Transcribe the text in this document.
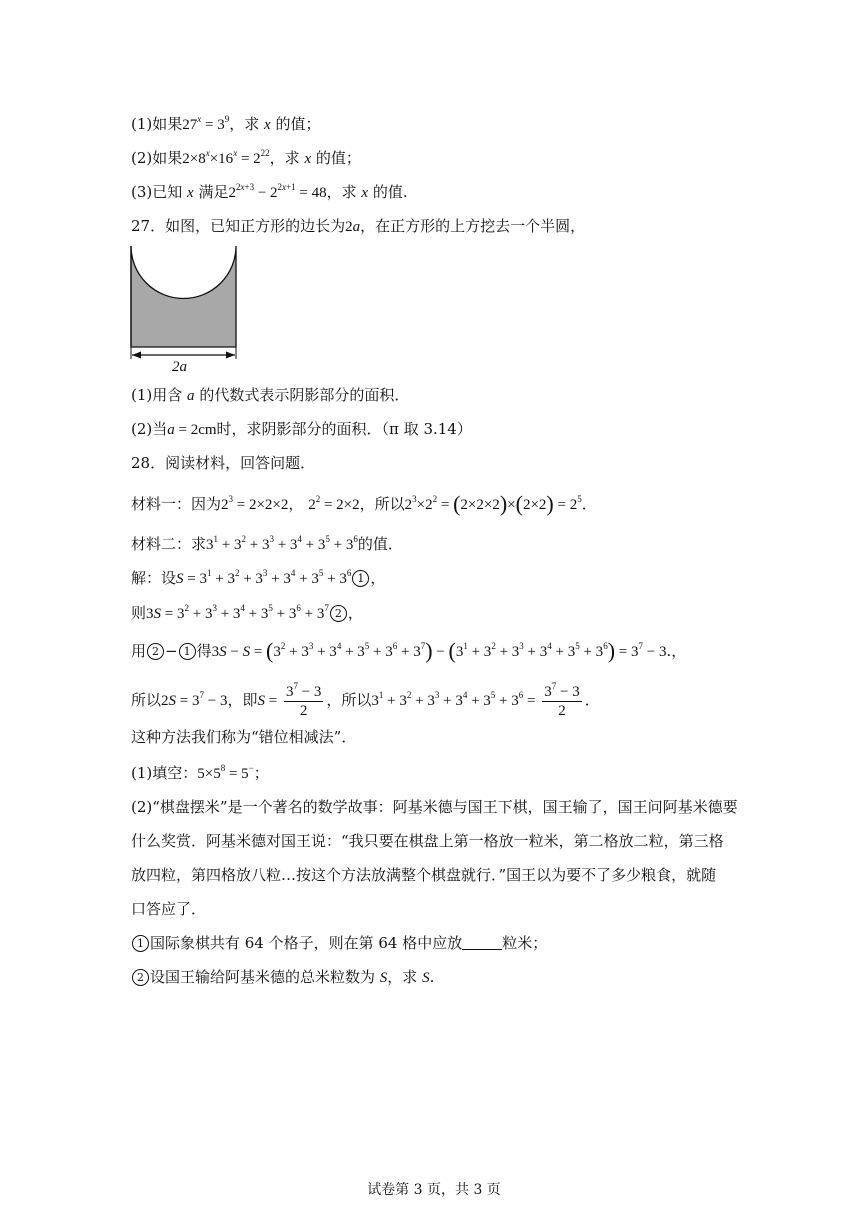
(1)如果$27^x = 3^9$，求 x 的值；
(2)如果$2\times 8^x\times 16^x = 2^{22}$，求 x 的值；
(3)已知 x 满足$2^{2x+3} - 2^{2x+1} = 48$，求 x 的值.
27．如图，已知正方形的边长为2a，在正方形的上方挖去一个半圆，
2a
(1)用含 a 的代数式表示阴影部分的面积．
(2)当a = 2cm时，求阴影部分的面积．（π 取 3.14）
28．阅读材料，回答问题．
材料一：因为$2^3 = 2\times 2\times 2$， $2^2 = 2\times 2$，所以$2^3\times 2^2 = (2\times 2\times 2)\times(2\times 2) = 2^5$．
材料二：求$3^1 + 3^2 + 3^3 + 3^4 + 3^5 + 3^6$的值．
解：设$S = 3^1 + 3^2 + 3^3 + 3^4 + 3^5 + 3^6$ 1 ，
则$3S = 3^2 + 3^3 + 3^4 + 3^5 + 3^6 + 3^7$ 2 ，
用 2 − 1 得$3S - S = (3^2 + 3^3 + 3^4 + 3^5 + 3^6 + 3^7) - (3^1 + 3^2 + 3^3 + 3^4 + 3^5 + 3^6) = 3^7 - 3$.，
所以$2S = 3^7 - 3$，即$S = \frac{3^7 - 3}{2}$ ，所以$3^1 + 3^2 + 3^3 + 3^4 + 3^5 + 3^6 = \frac{3^7 - 3}{2}$ ．
这种方法我们称为“错位相减法”．
(1)填空：$5\times 5^8 = 5^-$；
(2)“棋盘摆米”是一个著名的数学故事：阿基米德与国王下棋，国王输了，国王问阿基米德要
什么奖赏．阿基米德对国王说：“我只要在棋盘上第一格放一粒米，第二格放二粒，第三格
放四粒，第四格放八粒…按这个方法放满整个棋盘就行．”国王以为要不了多少粮食，就随
口答应了．
1 国际象棋共有 64 个格子，则在第 64 格中应放	粒米；
2 设国王输给阿基米德的总米粒数为 S，求 S.
试卷第 3 页，共 3 页
